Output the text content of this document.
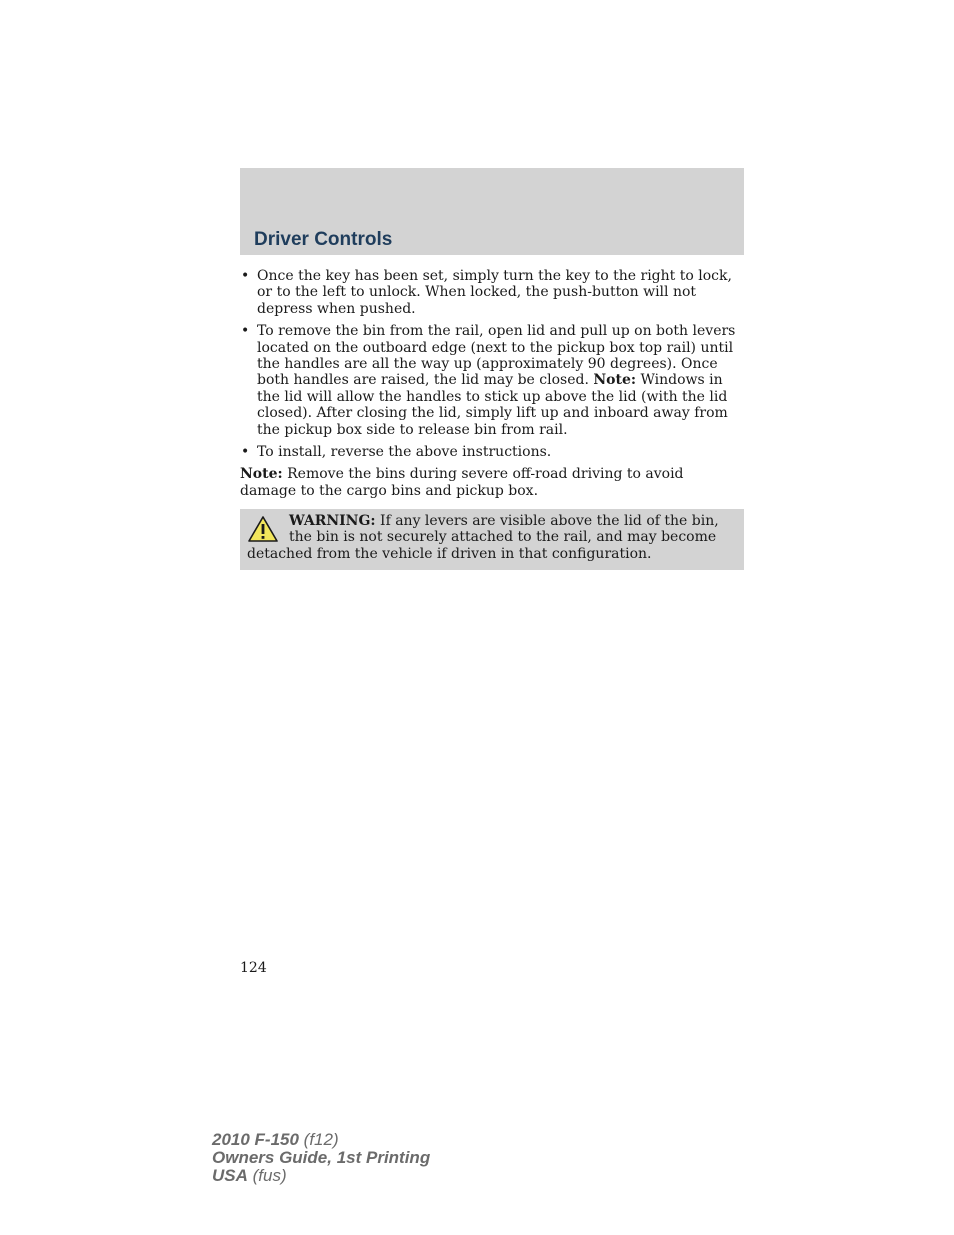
Driver Controls
• Once the key has been set, simply turn the key to the right to lock, or to the left to unlock. When locked, the push-button will not depress when pushed.
• To remove the bin from the rail, open lid and pull up on both levers located on the outboard edge (next to the pickup box top rail) until the handles are all the way up (approximately 90 degrees). Once both handles are raised, the lid may be closed. Note: Windows in the lid will allow the handles to stick up above the lid (with the lid closed). After closing the lid, simply lift up and inboard away from the pickup box side to release bin from rail.
• To install, reverse the above instructions.

Note: Remove the bins during severe off-road driving to avoid damage to the cargo bins and pickup box.

WARNING: If any levers are visible above the lid of the bin, the bin is not securely attached to the rail, and may become detached from the vehicle if driven in that configuration.
124
2010 F-150 (f12)
Owners Guide, 1st Printing
USA (fus)
